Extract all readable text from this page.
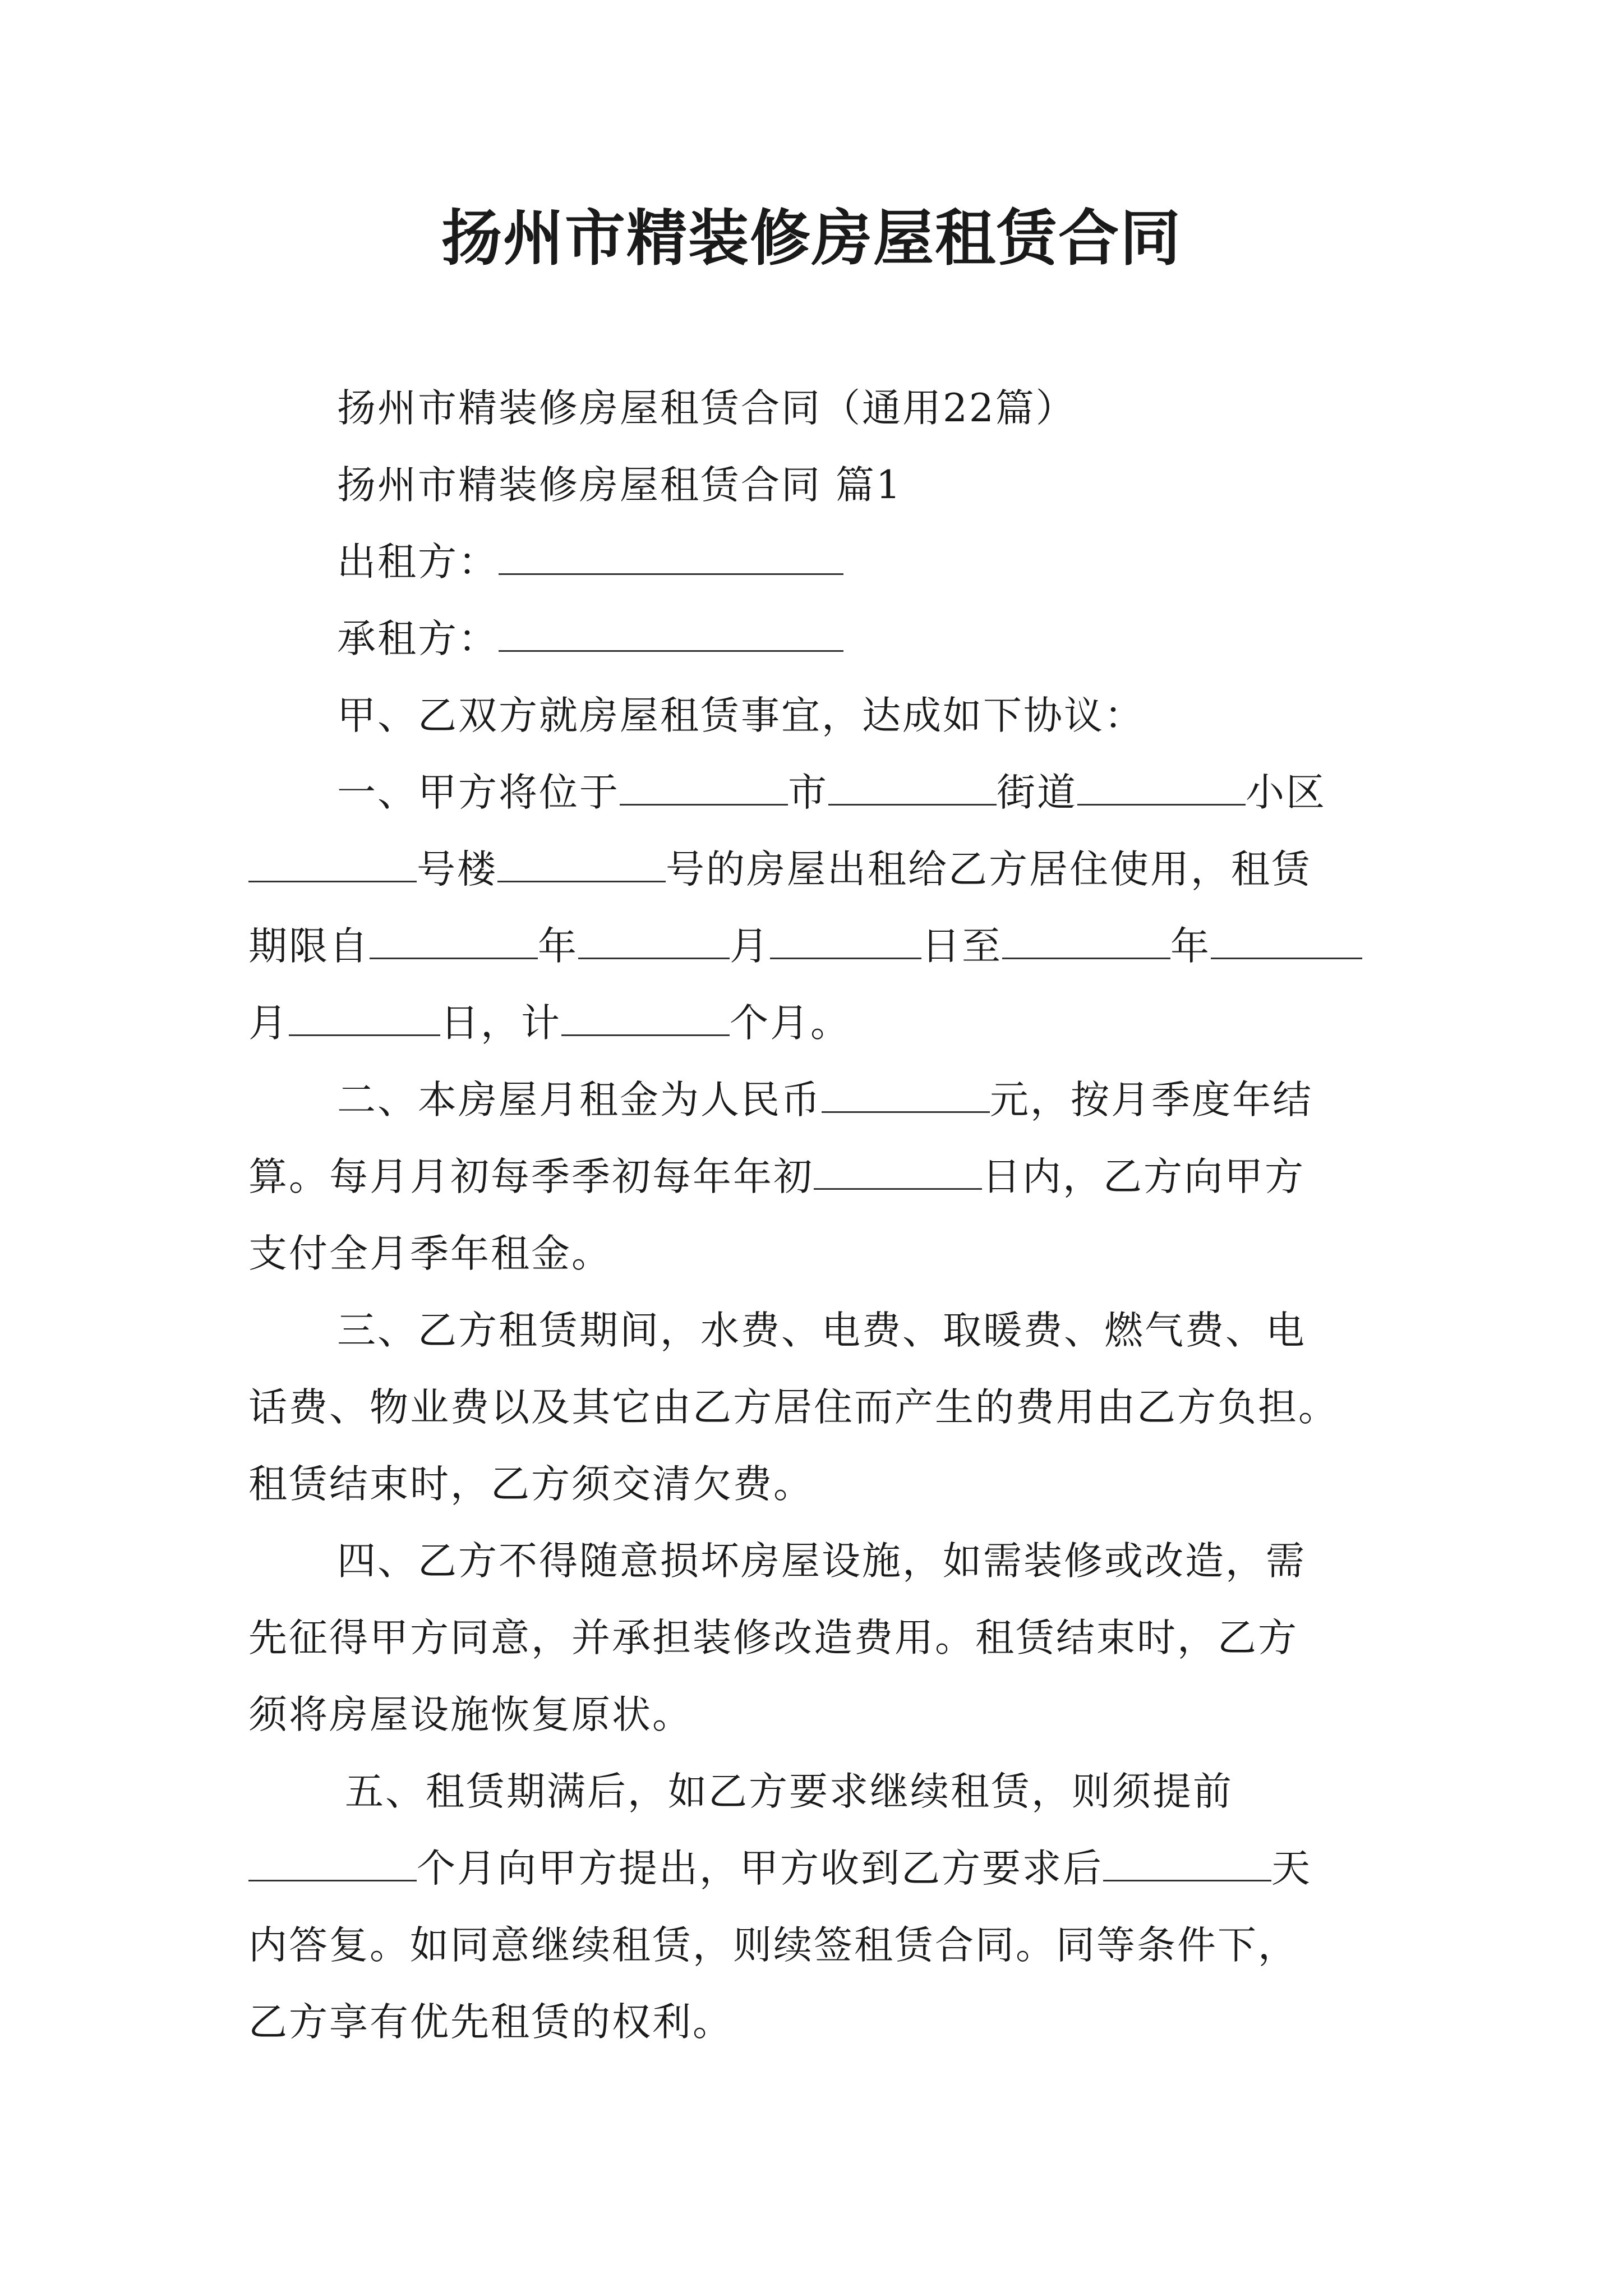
扬州市精装修房屋租赁合同
扬州市精装修房屋租赁合同（通用22篇）
扬州市精装修房屋租赁合同 篇1
出租方：
承租方：
甲、乙双方就房屋租赁事宜，达成如下协议：
一、甲方将位于	市	街道	小区
号楼	号的房屋出租给乙方居住使用，租赁
期限自	年	月	日至	年
月	日，计	个月。
二、本房屋月租金为人民币	元，按月季度年结
算。每月月初每季季初每年年初	日内，乙方向甲方
支付全月季年租金。
三、乙方租赁期间，水费、电费、取暖费、燃气费、电
话费、物业费以及其它由乙方居住而产生的费用由乙方负担。
租赁结束时，乙方须交清欠费。
四、乙方不得随意损坏房屋设施，如需装修或改造，需
先征得甲方同意，并承担装修改造费用。租赁结束时，乙方
须将房屋设施恢复原状。
五、租赁期满后，如乙方要求继续租赁，则须提前
个月向甲方提出，甲方收到乙方要求后	天
内答复。如同意继续租赁，则续签租赁合同。同等条件下，
乙方享有优先租赁的权利。
